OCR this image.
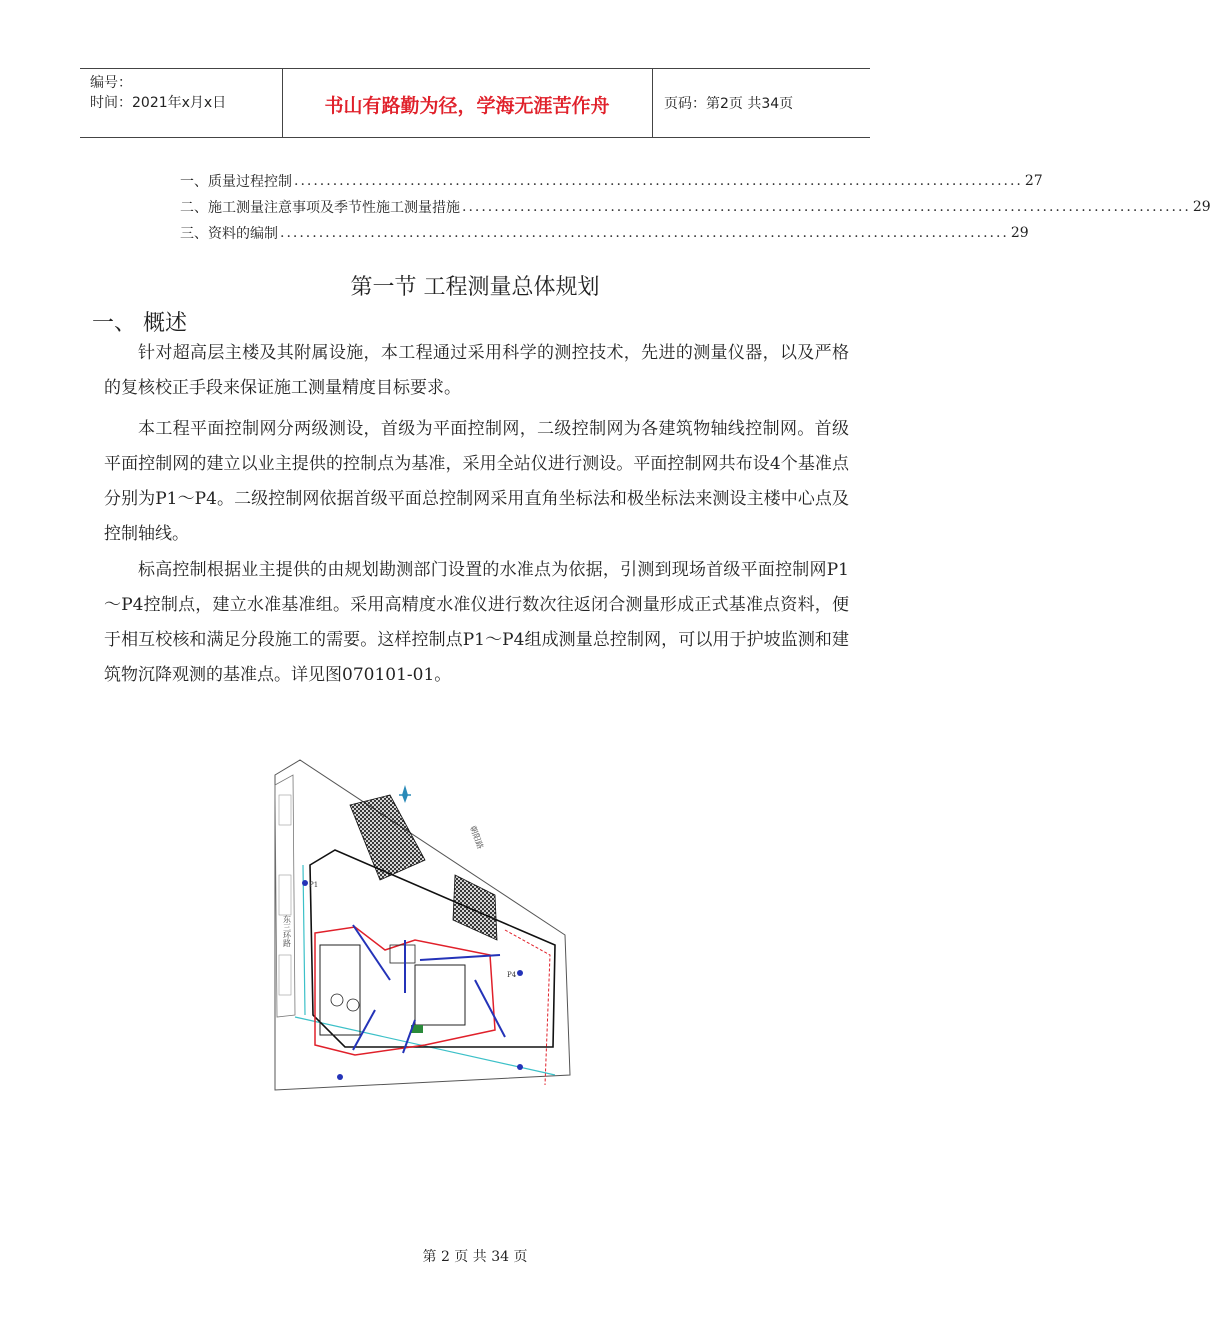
编号：
时间：2021年x月x日	书山有路勤为径，学海无涯苦作舟	页码：第2页 共34页
一、 质量过程控制 ................................................................................................................. 27
二、 施工测量注意事项及季节性施工测量措施 ................................................................................................................. 29
三、 资料的编制 ................................................................................................................. 29
第一节 工程测量总体规划
一、 概述

针对超高层主楼及其附属设施，本工程通过采用科学的测控技术，先进的测量仪器，以及严格的复核校正手段来保证施工测量精度目标要求。

本工程平面控制网分两级测设，首级为平面控制网，二级控制网为各建筑物轴线控制网。首级平面控制网的建立以业主提供的控制点为基准，采用全站仪进行测设。平面控制网共布设4个基准点分别为P1～P4。二级控制网依据首级平面总控制网采用直角坐标法和极坐标法来测设主楼中心点及控制轴线。

标高控制根据业主提供的由规划勘测部门设置的水准点为依据，引测到现场首级平面控制网P1～P4控制点，建立水准基准组。采用高精度水准仪进行数次往返闭合测量形成正式基准点资料，便于相互校核和满足分段施工的需要。这样控制点P1～P4组成测量总控制网，可以用于护坡监测和建筑物沉降观测的基准点。详见图070101-01。

P1
P4
朝阳路
东三环路
第 2 页 共 34 页
